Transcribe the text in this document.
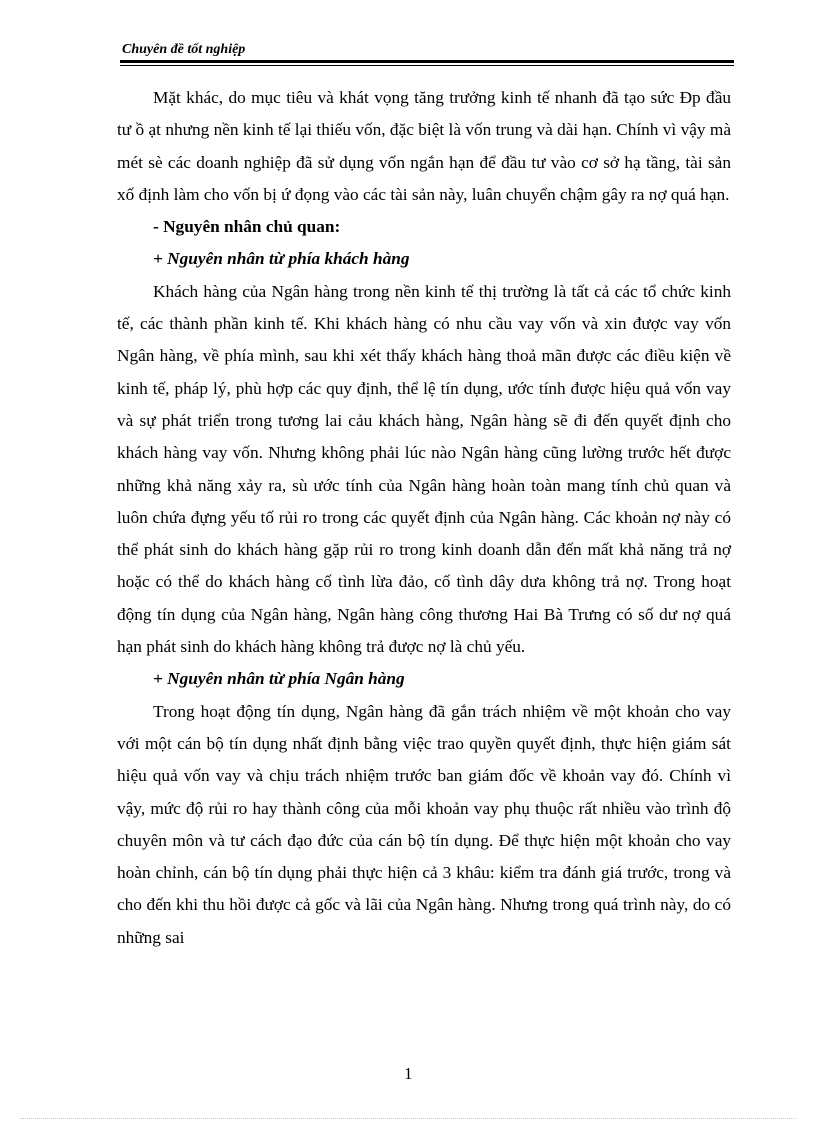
Chuyên đề tốt nghiệp

Mặt khác, do mục tiêu và khát vọng tăng trưởng kinh tế nhanh đã tạo sức Đp đầu tư ồ ạt nhưng nền kinh tế lại thiếu vốn, đặc biệt là vốn trung và dài hạn. Chính vì vậy mà mét sè các doanh nghiệp đã sử dụng vốn ngắn hạn để đầu tư vào cơ sở hạ tầng, tài sản xố định làm cho vốn bị ứ đọng vào các tài sản này, luân chuyển chậm gây ra nợ quá hạn.

- Nguyên nhân chủ quan:

+ Nguyên nhân từ phía khách hàng

Khách hàng của Ngân hàng trong nền kinh tế thị trường là tất cả các tổ chức kinh tế, các thành phần kinh tế. Khi khách hàng có nhu cầu vay vốn và xin được vay vốn Ngân hàng, về phía mình, sau khi xét thấy khách hàng thoả mãn được các điều kiện về kinh tế, pháp lý, phù hợp các quy định, thể lệ tín dụng, ước tính được hiệu quả vốn vay và sự phát triển trong tương lai cảu khách hàng, Ngân hàng sẽ đi đến quyết định cho khách hàng vay vốn. Nhưng không phải lúc nào Ngân hàng cũng lường trước hết được những khả năng xảy ra, sù ước tính của Ngân hàng hoàn toàn mang tính chủ quan và luôn chứa đựng yếu tố rủi ro trong các quyết định của Ngân hàng. Các khoản nợ này có thể phát sinh do khách hàng gặp rủi ro trong kinh doanh dẫn đến mất khả năng trả nợ hoặc có thể do khách hàng cố tình lừa đảo, cố tình dây dưa không trả nợ. Trong hoạt động tín dụng của Ngân hàng, Ngân hàng công thương Hai Bà Trưng có số dư nợ quá hạn phát sinh do khách hàng không trả được nợ là chủ yếu.

+ Nguyên nhân từ phía Ngân hàng

Trong hoạt động tín dụng, Ngân hàng đã gắn trách nhiệm về một khoản cho vay với một cán bộ tín dụng nhất định bằng việc trao quyền quyết định, thực hiện giám sát hiệu quả vốn vay và chịu trách nhiệm trước ban giám đốc về khoản vay đó. Chính vì vậy, mức độ rủi ro hay thành công của mỗi khoản vay phụ thuộc rất nhiều vào trình độ chuyên môn và tư cách đạo đức của cán bộ tín dụng. Để thực hiện một khoản cho vay hoàn chỉnh, cán bộ tín dụng phải thực hiện cả 3 khâu: kiểm tra đánh giá trước, trong và cho đến khi thu hồi được cả gốc và lãi của Ngân hàng. Nhưng trong quá trình này, do có những sai

1
